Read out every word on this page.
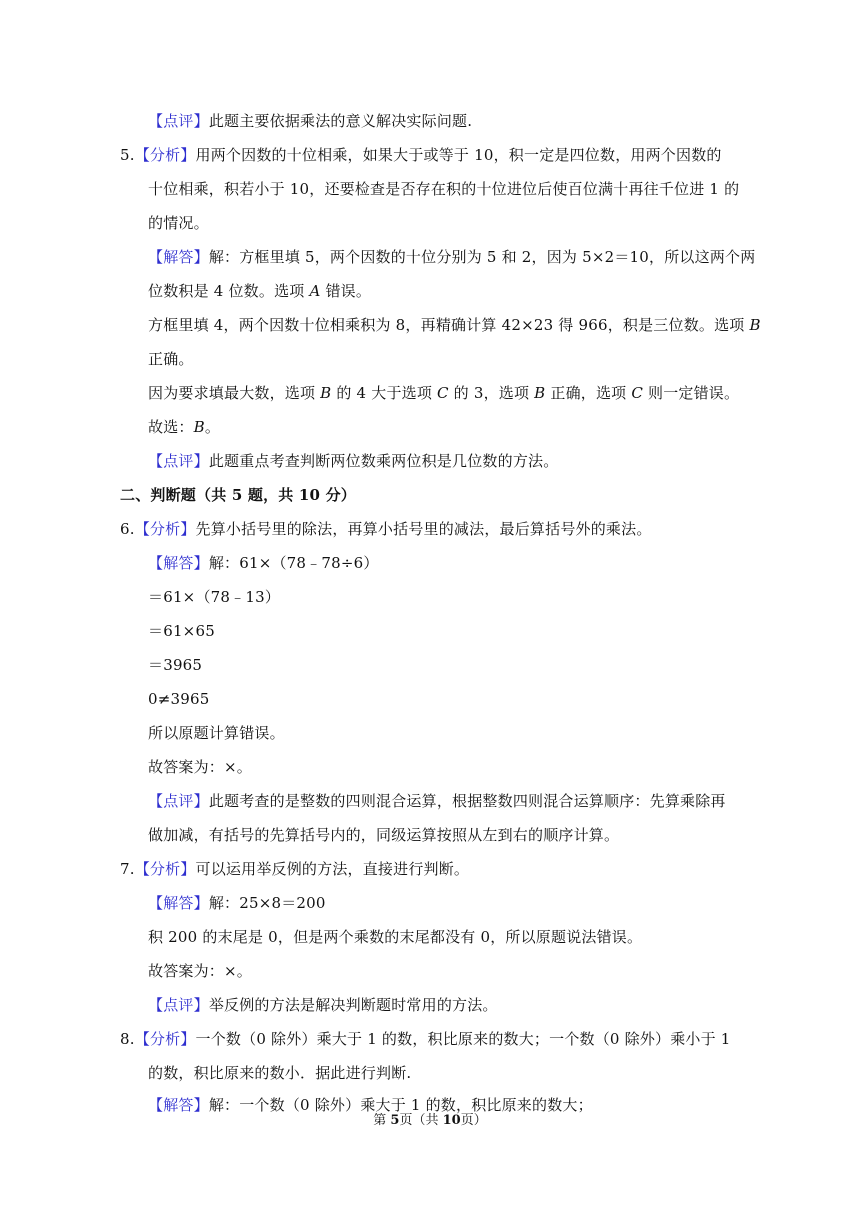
【点评】此题主要依据乘法的意义解决实际问题.
5.【分析】用两个因数的十位相乘，如果大于或等于 10，积一定是四位数，用两个因数的
十位相乘，积若小于 10，还要检查是否存在积的十位进位后使百位满十再往千位进 1 的
的情况。
【解答】解：方框里填 5，两个因数的十位分别为 5 和 2，因为 5×2＝10，所以这两个两
位数积是 4 位数。选项 A 错误。
方框里填 4，两个因数十位相乘积为 8，再精确计算 42×23 得 966，积是三位数。选项 B
正确。
因为要求填最大数，选项 B 的 4 大于选项 C 的 3，选项 B 正确，选项 C 则一定错误。
故选：B。
【点评】此题重点考查判断两位数乘两位积是几位数的方法。
二、判断题（共 5 题，共 10 分）
6.【分析】先算小括号里的除法，再算小括号里的减法，最后算括号外的乘法。
【解答】解：61×（78﹣78÷6）
＝61×（78﹣13）
＝61×65
＝3965
0≠3965
所以原题计算错误。
故答案为：×。
【点评】此题考查的是整数的四则混合运算，根据整数四则混合运算顺序：先算乘除再
做加减，有括号的先算括号内的，同级运算按照从左到右的顺序计算。
7.【分析】可以运用举反例的方法，直接进行判断。
【解答】解：25×8＝200
积 200 的末尾是 0，但是两个乘数的末尾都没有 0，所以原题说法错误。
故答案为：×。
【点评】举反例的方法是解决判断题时常用的方法。
8.【分析】一个数（0 除外）乘大于 1 的数，积比原来的数大；一个数（0 除外）乘小于 1
的数，积比原来的数小．据此进行判断.
【解答】解：一个数（0 除外）乘大于 1 的数，积比原来的数大；
第 5页（共 10页）
